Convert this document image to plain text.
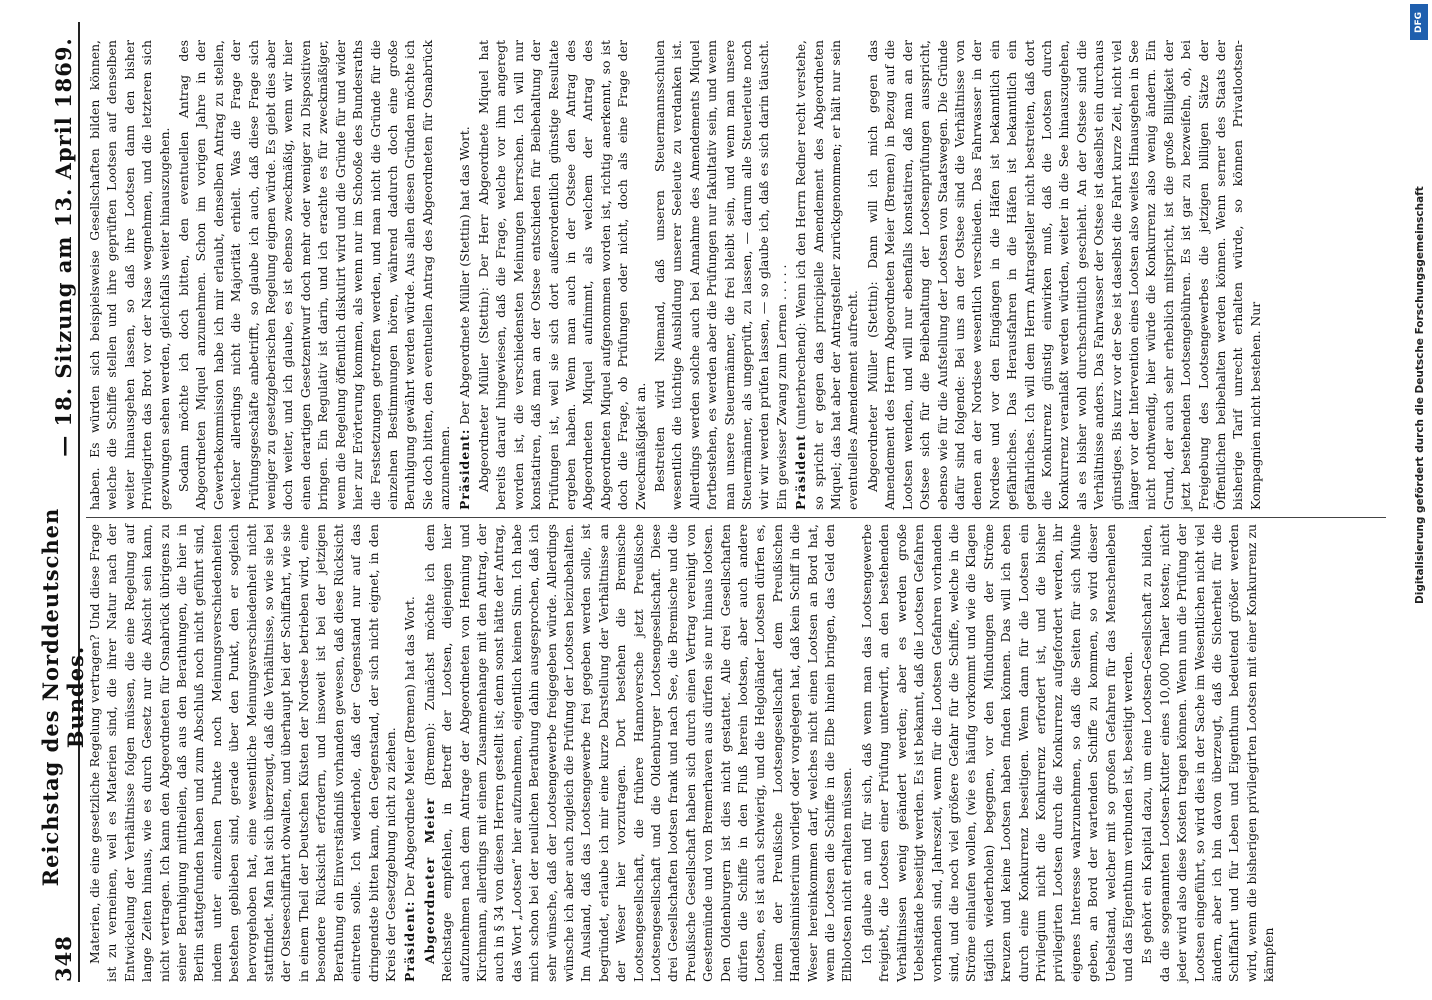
348
Reichstag des Norddeutschen Bundes.
— 18. Sitzung am 13. April 1869.

Materien, die eine gesetzliche Regelung vertragen? Und diese Frage ist zu verneinen, weil es Materien sind, die ihrer Natur nach der Entwickelung der Verhältnisse folgen müssen, die eine Regelung auf lange Zeiten hinaus, wie es durch Gesetz nur die Absicht sein kann, nicht vertragen. Ich kann den Abgeordneten für Osnabrück übrigens zu seiner Beruhigung mittheilen, daß aus den Berathungen, die hier in Berlin stattgefunden haben und zum Abschluß noch nicht geführt sind, indem unter einzelnen Punkte noch Meinungsverschiedenheiten bestehen geblieben sind, gerade über den Punkt, den er sogleich hervorgehoben hat, eine wesentliche Meinungsverschiedenheit nicht stattfindet. Man hat sich überzeugt, daß die Verhältnisse, so wie sie bei der Ostseeschiffahrt obwalten, und überhaupt bei der Schiffahrt, wie sie in einem Theil der Deutschen Küsten der Nordsee betrieben wird, eine besondere Rücksicht erfordern, und insoweit ist bei der jetzigen Berathung ein Einverständniß vorhanden gewesen, daß diese Rücksicht eintreten solle. Ich wiederhole, daß der Gegenstand nur auf das dringendste bitten kann, den Gegenstand, der sich nicht eignet, in den Kreis der Gesetzgebung nicht zu ziehen. Präsident: Der Abgeordnete Meier (Bremen) hat das Wort. Abgeordneter Meier (Bremen): Zunächst möchte ich dem Reichstage empfehlen, in Betreff der Lootsen, diejenigen hier aufzunehmen nach dem Antrage der Abgeordneten von Henning und Kirchmann, allerdings mit einem Zusammenhange mit den Antrag, der auch in § 34 von diesen Herren gestellt ist; denn sonst hätte der Antrag, das Wort „Lootsen“ hier aufzunehmen, eigentlich keinen Sinn. Ich habe mich schon bei der neulichen Berathung dahin ausgesprochen, daß ich sehr wünsche, daß der Lootsengewerbe freigegeben würde. Allerdings wünsche ich aber auch zugleich die Prüfung der Lootsen beizubehalten. Im Ausland, daß das Lootsengewerbe frei gegeben werden solle, ist begründet, erlaube ich mir eine kurze Darstellung der Verhältnisse an der Weser hier vorzutragen. Dort bestehen die Bremische Lootsengesellschaft, die frühere Hannoversche jetzt Preußische Lootsengesellschaft und die Oldenburger Lootsengesellschaft. Diese drei Gesellschaften lootsen frank und nach See, die Bremische und die Preußische Gesellschaft haben sich durch einen Vertrag vereinigt von Geestemünde und von Bremerhaven aus dürfen sie nur hinaus lootsen. Den Oldenburgern ist dies nicht gestattet. Alle drei Gesellschaften dürfen die Schiffe in den Fluß herein lootsen, aber auch andere Lootsen, es ist auch schwierig, und die Helgoländer Lootsen dürfen es, indem der Preußische Lootsengesellschaft dem Preußischen Handelsministerium vorliegt oder vorgelegen hat, daß kein Schiff in die Weser hereinkommen darf, welches nicht einen Lootsen an Bord hat, wenn die Lootsen die Schiffe in die Elbe hinein bringen, das Geld den Elblootsen nicht erhalten müssen. Ich glaube an und für sich, daß wenn man das Lootsengewerbe freigiebt, die Lootsen einer Prüfung unterwirft, an den bestehenden Verhältnissen wenig geändert werden; aber es werden große Uebelstände beseitigt werden. Es ist bekannt, daß die Lootsen Gefahren vorhanden sind, Jahreszeit, wenn für die Lootsen Gefahren vorhanden sind, und die noch viel größere Gefahr für die Schiffe, welche in die Ströme einlaufen wollen, (wie es häufig vorkommt und wie die Klagen täglich wiederholen) begegnen, vor den Mündungen der Ströme kreuzen und keine Lootsen haben finden können. Das will ich eben durch eine Konkurrenz beseitigen. Wenn dann für die Lootsen ein Privilegium nicht die Konkurrenz erfordert ist, und die bisher privilegirten Lootsen durch die Konkurrenz aufgefordert werden, ihr eigenes Interesse wahrzunehmen, so daß die Seiten für sich Mühe geben, an Bord der wartenden Schiffe zu kommen, so wird dieser Uebelstand, welcher mit so großen Gefahren für das Menschenleben und das Eigenthum verbunden ist, beseitigt werden. Es gehört ein Kapital dazu, um eine Lootsen-Gesellschaft zu bilden, da die sogenannten Lootsen-Kutter eines 10,000 Thaler kosten; nicht jeder wird also diese Kosten tragen können. Wenn nun die Prüfung der Lootsen eingeführt, so wird dies in der Sache im Wesentlichen nicht viel ändern, aber ich bin davon überzeugt, daß die Sicherheit für die Schiffahrt und für Leben und Eigenthum bedeutend größer werden wird, wenn die bisherigen privilegirten Lootsen mit einer Konkurrenz zu kämpfen

haben. Es würden sich beispielsweise Gesellschaften bilden können, welche die Schiffe stellen und ihre geprüften Lootsen auf denselben weiter hinausgehen lassen, so daß ihre Lootsen dann den bisher Privilegirten das Brot vor der Nase wegnehmen, und die letzteren sich gezwungen sehen werden, gleichfalls weiter hinauszugehen. Sodann möchte ich doch bitten, den eventuellen Antrag des Abgeordneten Miquel anzunehmen. Schon im vorigen Jahre in der Gewerbekommission habe ich mir erlaubt, denselben Antrag zu stellen, welcher allerdings nicht die Majorität erhielt. Was die Frage der Prüfungsgeschäfte anbetrifft, so glaube ich auch, daß diese Frage sich weniger zu gesetzgeberischen Regelung eignen würde. Es giebt dies aber doch weiter, und ich glaube, es ist ebenso zweckmäßig, wenn wir hier einen derartigen Gesetzentwurf doch mehr oder weniger zu Dispositiven bringen. Ein Regulativ ist darin, und ich erachte es für zweckmäßiger, wenn die Regelung öffentlich diskutirt wird und die Gründe für und wider hier zur Erörterung kommen, als wenn nur im Schooße des Bundesraths die Festsetzungen getroffen werden, und man nicht die Gründe für die einzelnen Bestimmungen hören, während dadurch doch eine große Beruhigung gewährt werden würde. Aus allen diesen Gründen möchte ich Sie doch bitten, den eventuellen Antrag des Abgeordneten für Osnabrück anzunehmen. Präsident: Der Abgeordnete Müller (Stettin) hat das Wort. Abgeordneter Müller (Stettin): Der Herr Abgeordnete Miquel hat bereits darauf hingewiesen, daß die Frage, welche vor ihm angeregt worden ist, die verschiedensten Meinungen herrschen. Ich will nur konstatiren, daß man an der Ostsee entschieden für Beibehaltung der Prüfungen ist, weil sie sich dort außerordentlich günstige Resultate ergeben haben. Wenn man auch in der Ostsee den Antrag des Abgeordneten Miquel aufnimmt, als welchem der Antrag des Abgeordneten Miquel aufgenommen worden ist, richtig anerkennt, so ist doch die Frage, ob Prüfungen oder nicht, doch als eine Frage der Zweckmäßigkeit an. Bestreiten wird Niemand, daß unseren Steuermannsschulen wesentlich die tüchtige Ausbildung unserer Seeleute zu verdanken ist. Allerdings werden solche auch bei Annahme des Amendements Miquel fortbestehen, es werden aber die Prüfungen nur fakultativ sein, und wenn man unsere Steuermänner, die frei bleibt sein, und wenn man unsere Steuermänner, als ungeprüft, zu lassen, — darum alle Steuerleute noch wir wir werden prüfen lassen, — so glaube ich, daß es sich darin täuscht. Ein gewisser Zwang zum Lernen . . . . . Präsident (unterbrechend): Wenn ich den Herrn Redner recht verstehe, so spricht er gegen das principielle Amendement des Abgeordneten Miquel; das hat aber der Antragsteller zurückgenommen; er hält nur sein eventuelles Amendement aufrecht. Abgeordneter Müller (Stettin): Dann will ich mich gegen das Amendement des Herrn Abgeordneten Meier (Bremen) in Bezug auf die Lootsen wenden, und will nur ebenfalls konstatiren, daß man an der Ostsee sich für die Beibehaltung der Lootsenprüfungen ausspricht, ebenso wie für die Aufstellung der Lootsen von Staatswegen. Die Gründe dafür sind folgende: Bei uns an der Ostsee sind die Verhältnisse von denen an der Nordsee wesentlich verschieden. Das Fahrwasser in der Nordsee und vor den Eingängen in die Häfen ist bekanntlich ein gefährliches. Das Herausfahren in die Häfen ist bekanntlich ein gefährliches. Ich will dem Herrn Antragsteller nicht bestreiten, daß dort die Konkurrenz günstig einwirken muß, daß die Lootsen durch Konkurrenz veranlaßt werden würden, weiter in die See hinauszugehen, als es bisher wohl durchschnittlich geschieht. An der Ostsee sind die Verhältnisse anders. Das Fahrwasser der Ostsee ist daselbst ein durchaus günstiges. Bis kurz vor der See ist daselbst die Fahrt kurze Zeit, nicht viel länger vor der Intervention eines Lootsen also weites Hinausgehen in See nicht nothwendig, hier würde die Konkurrenz also wenig ändern. Ein Grund, der auch sehr erheblich mitspricht, ist die große Billigkeit der jetzt bestehenden Lootsengebühren. Es ist gar zu bezweifeln, ob, bei Freigebung des Lootsengewerbes die jetzigen billigen Sätze der Öffentlichen beibehalten werden können. Wenn serner des Staats der bisherige Tarif unrecht erhalten würde, so können Privatlootsen-Kompagnien nicht bestehen. Nur

DFG
Digitalisierung gefördert durch die Deutsche Forschungsgemeinschaft
